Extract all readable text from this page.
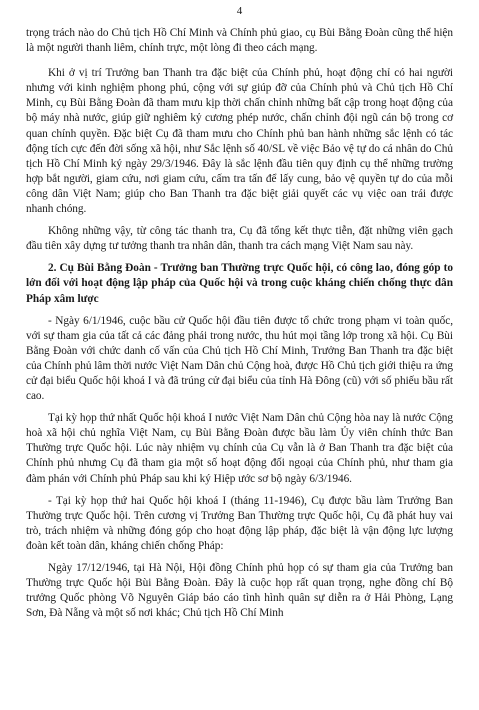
4

trọng trách nào do Chủ tịch Hồ Chí Minh và Chính phủ giao, cụ Bùi Bằng Đoàn cũng thể hiện là một người thanh liêm, chính trực, một lòng đi theo cách mạng.

Khi ở vị trí Trưởng ban Thanh tra đặc biệt của Chính phủ, hoạt động chỉ có hai người nhưng với kinh nghiệm phong phú, cộng với sự giúp đỡ của Chính phủ và Chủ tịch Hồ Chí Minh, cụ Bùi Bằng Đoàn đã tham mưu kịp thời chấn chỉnh những bất cập trong hoạt động của bộ máy nhà nước, giúp giữ nghiêm kỷ cương phép nước, chấn chỉnh đội ngũ cán bộ trong cơ quan chính quyền. Đặc biệt Cụ đã tham mưu cho Chính phủ ban hành những sắc lệnh có tác động tích cực đến đời sống xã hội, như Sắc lệnh số 40/SL về việc Bảo vệ tự do cá nhân do Chủ tịch Hồ Chí Minh ký ngày 29/3/1946. Đây là sắc lệnh đầu tiên quy định cụ thể những trường hợp bắt người, giam cứu, nơi giam cứu, cấm tra tấn để lấy cung, bảo vệ quyền tự do của mỗi công dân Việt Nam; giúp cho Ban Thanh tra đặc biệt giải quyết các vụ việc oan trái được nhanh chóng.

Không những vậy, từ công tác thanh tra, Cụ đã tổng kết thực tiễn, đặt những viên gạch đầu tiên xây dựng tư tưởng thanh tra nhân dân, thanh tra cách mạng Việt Nam sau này.

2. Cụ Bùi Bằng Đoàn - Trưởng ban Thường trực Quốc hội, có công lao, đóng góp to lớn đối với hoạt động lập pháp của Quốc hội và trong cuộc kháng chiến chống thực dân Pháp xâm lược

- Ngày 6/1/1946, cuộc bầu cử Quốc hội đầu tiên được tổ chức trong phạm vi toàn quốc, với sự tham gia của tất cả các đảng phái trong nước, thu hút mọi tầng lớp trong xã hội. Cụ Bùi Bằng Đoàn với chức danh cố vấn của Chủ tịch Hồ Chí Minh, Trưởng Ban Thanh tra đặc biệt của Chính phủ lâm thời nước Việt Nam Dân chủ Cộng hoà, được Hồ Chủ tịch giới thiệu ra ứng cử đại biểu Quốc hội khoá I và đã trúng cử đại biểu của tỉnh Hà Đông (cũ) với số phiếu bầu rất cao.

Tại kỳ họp thứ nhất Quốc hội khoá I nước Việt Nam Dân chủ Cộng hòa nay là nước Cộng hoà xã hội chủ nghĩa Việt Nam, cụ Bùi Bằng Đoàn được bầu làm Ủy viên chính thức Ban Thường trực Quốc hội. Lúc này nhiệm vụ chính của Cụ vẫn là ở Ban Thanh tra đặc biệt của Chính phủ nhưng Cụ đã tham gia một số hoạt động đối ngoại của Chính phủ, như tham gia đàm phán với Chính phủ Pháp sau khi ký Hiệp ước sơ bộ ngày 6/3/1946.

- Tại kỳ họp thứ hai Quốc hội khoá I (tháng 11-1946), Cụ được bầu làm Trưởng Ban Thường trực Quốc hội. Trên cương vị Trưởng Ban Thường trực Quốc hội, Cụ đã phát huy vai trò, trách nhiệm và những đóng góp cho hoạt động lập pháp, đặc biệt là vận động lực lượng đoàn kết toàn dân, kháng chiến chống Pháp:

Ngày 17/12/1946, tại Hà Nội, Hội đồng Chính phủ họp có sự tham gia của Trưởng ban Thường trực Quốc hội Bùi Bằng Đoàn. Đây là cuộc họp rất quan trọng, nghe đồng chí Bộ trưởng Quốc phòng Võ Nguyên Giáp báo cáo tình hình quân sự diễn ra ở Hải Phòng, Lạng Sơn, Đà Nẵng và một số nơi khác; Chủ tịch Hồ Chí Minh
